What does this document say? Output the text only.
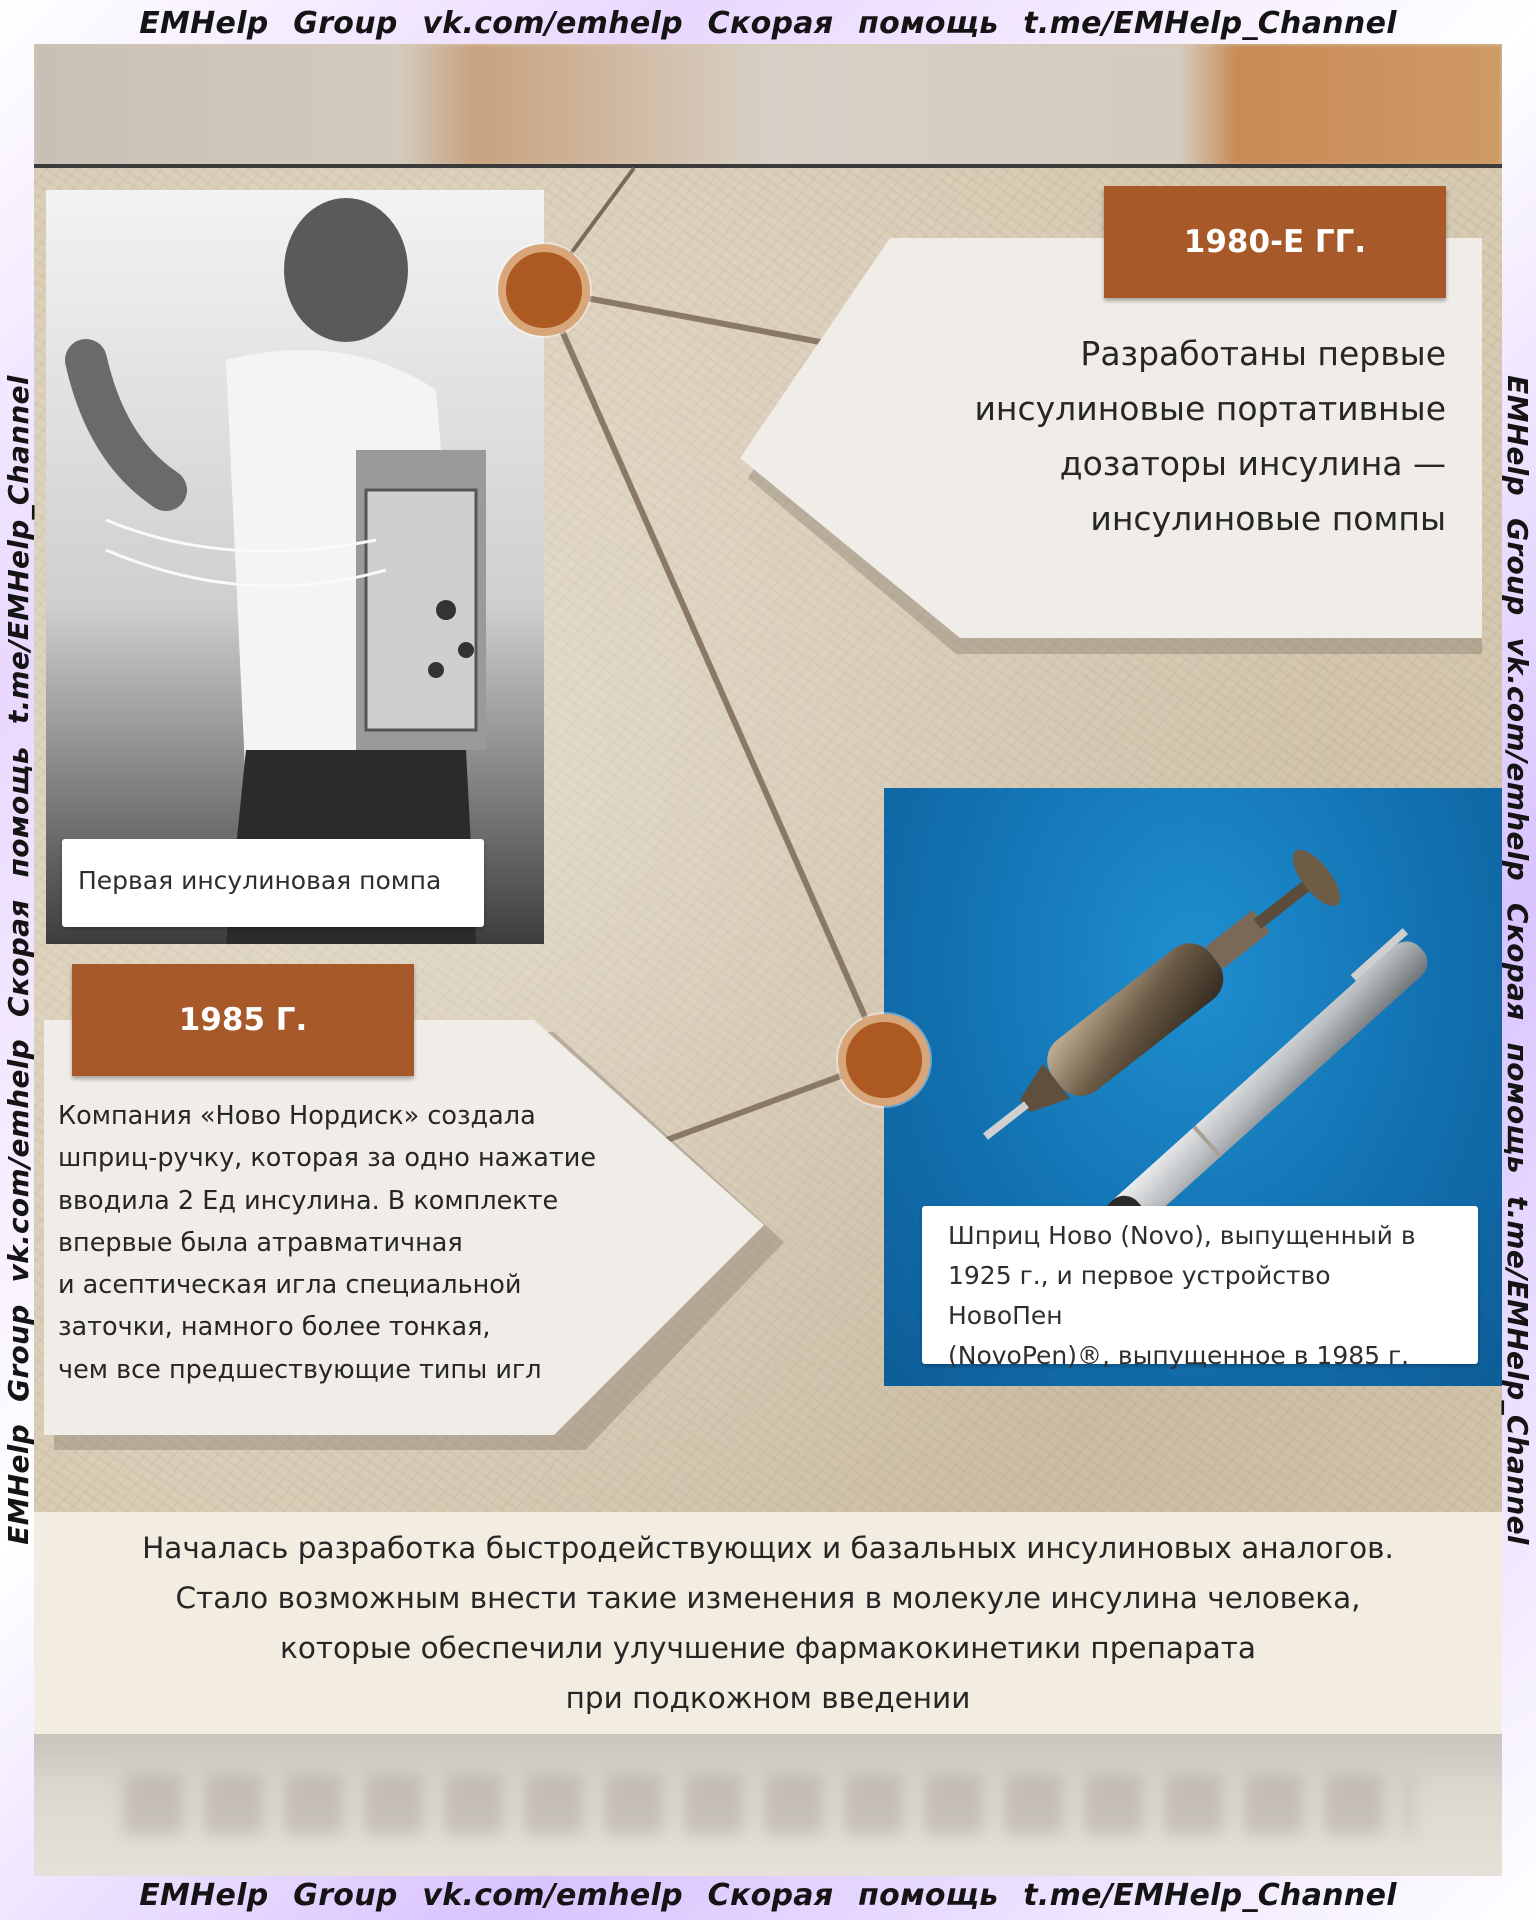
1980-Е ГГ.
Разработаны первые
инсулиновые портативные
дозаторы инсулина —
инсулиновые помпы
Первая инсулиновая помпа
1985 Г.
Компания «Ново Нордиск» создала
шприц-ручку, которая за одно нажатие
вводила 2 Ед инсулина. В комплекте
впервые была атравматичная
и асептическая игла специальной
заточки, намного более тонкая,
чем все предшествующие типы игл
Шприц Ново (Novo), выпущенный в
1925 г., и первое устройство НовоПен
(NovoPen)®, выпущенное в 1985 г.
Началась разработка быстродействующих и базальных инсулиновых аналогов.
Стало возможным внести такие изменения в молекуле инсулина человека,
которые обеспечили улучшение фармакокинетики препарата
при подкожном введении
EMHelp Group vk.com/emhelp Скорая помощь t.me/EMHelp_Channel
EMHelp Group vk.com/emhelp Скорая помощь t.me/EMHelp_Channel
EMHelp Group vk.com/emhelp Скорая помощь t.me/EMHelp_Channel	EMHelp Group vk.com/emhelp Скорая помощь t.me/EMHelp_Channel
